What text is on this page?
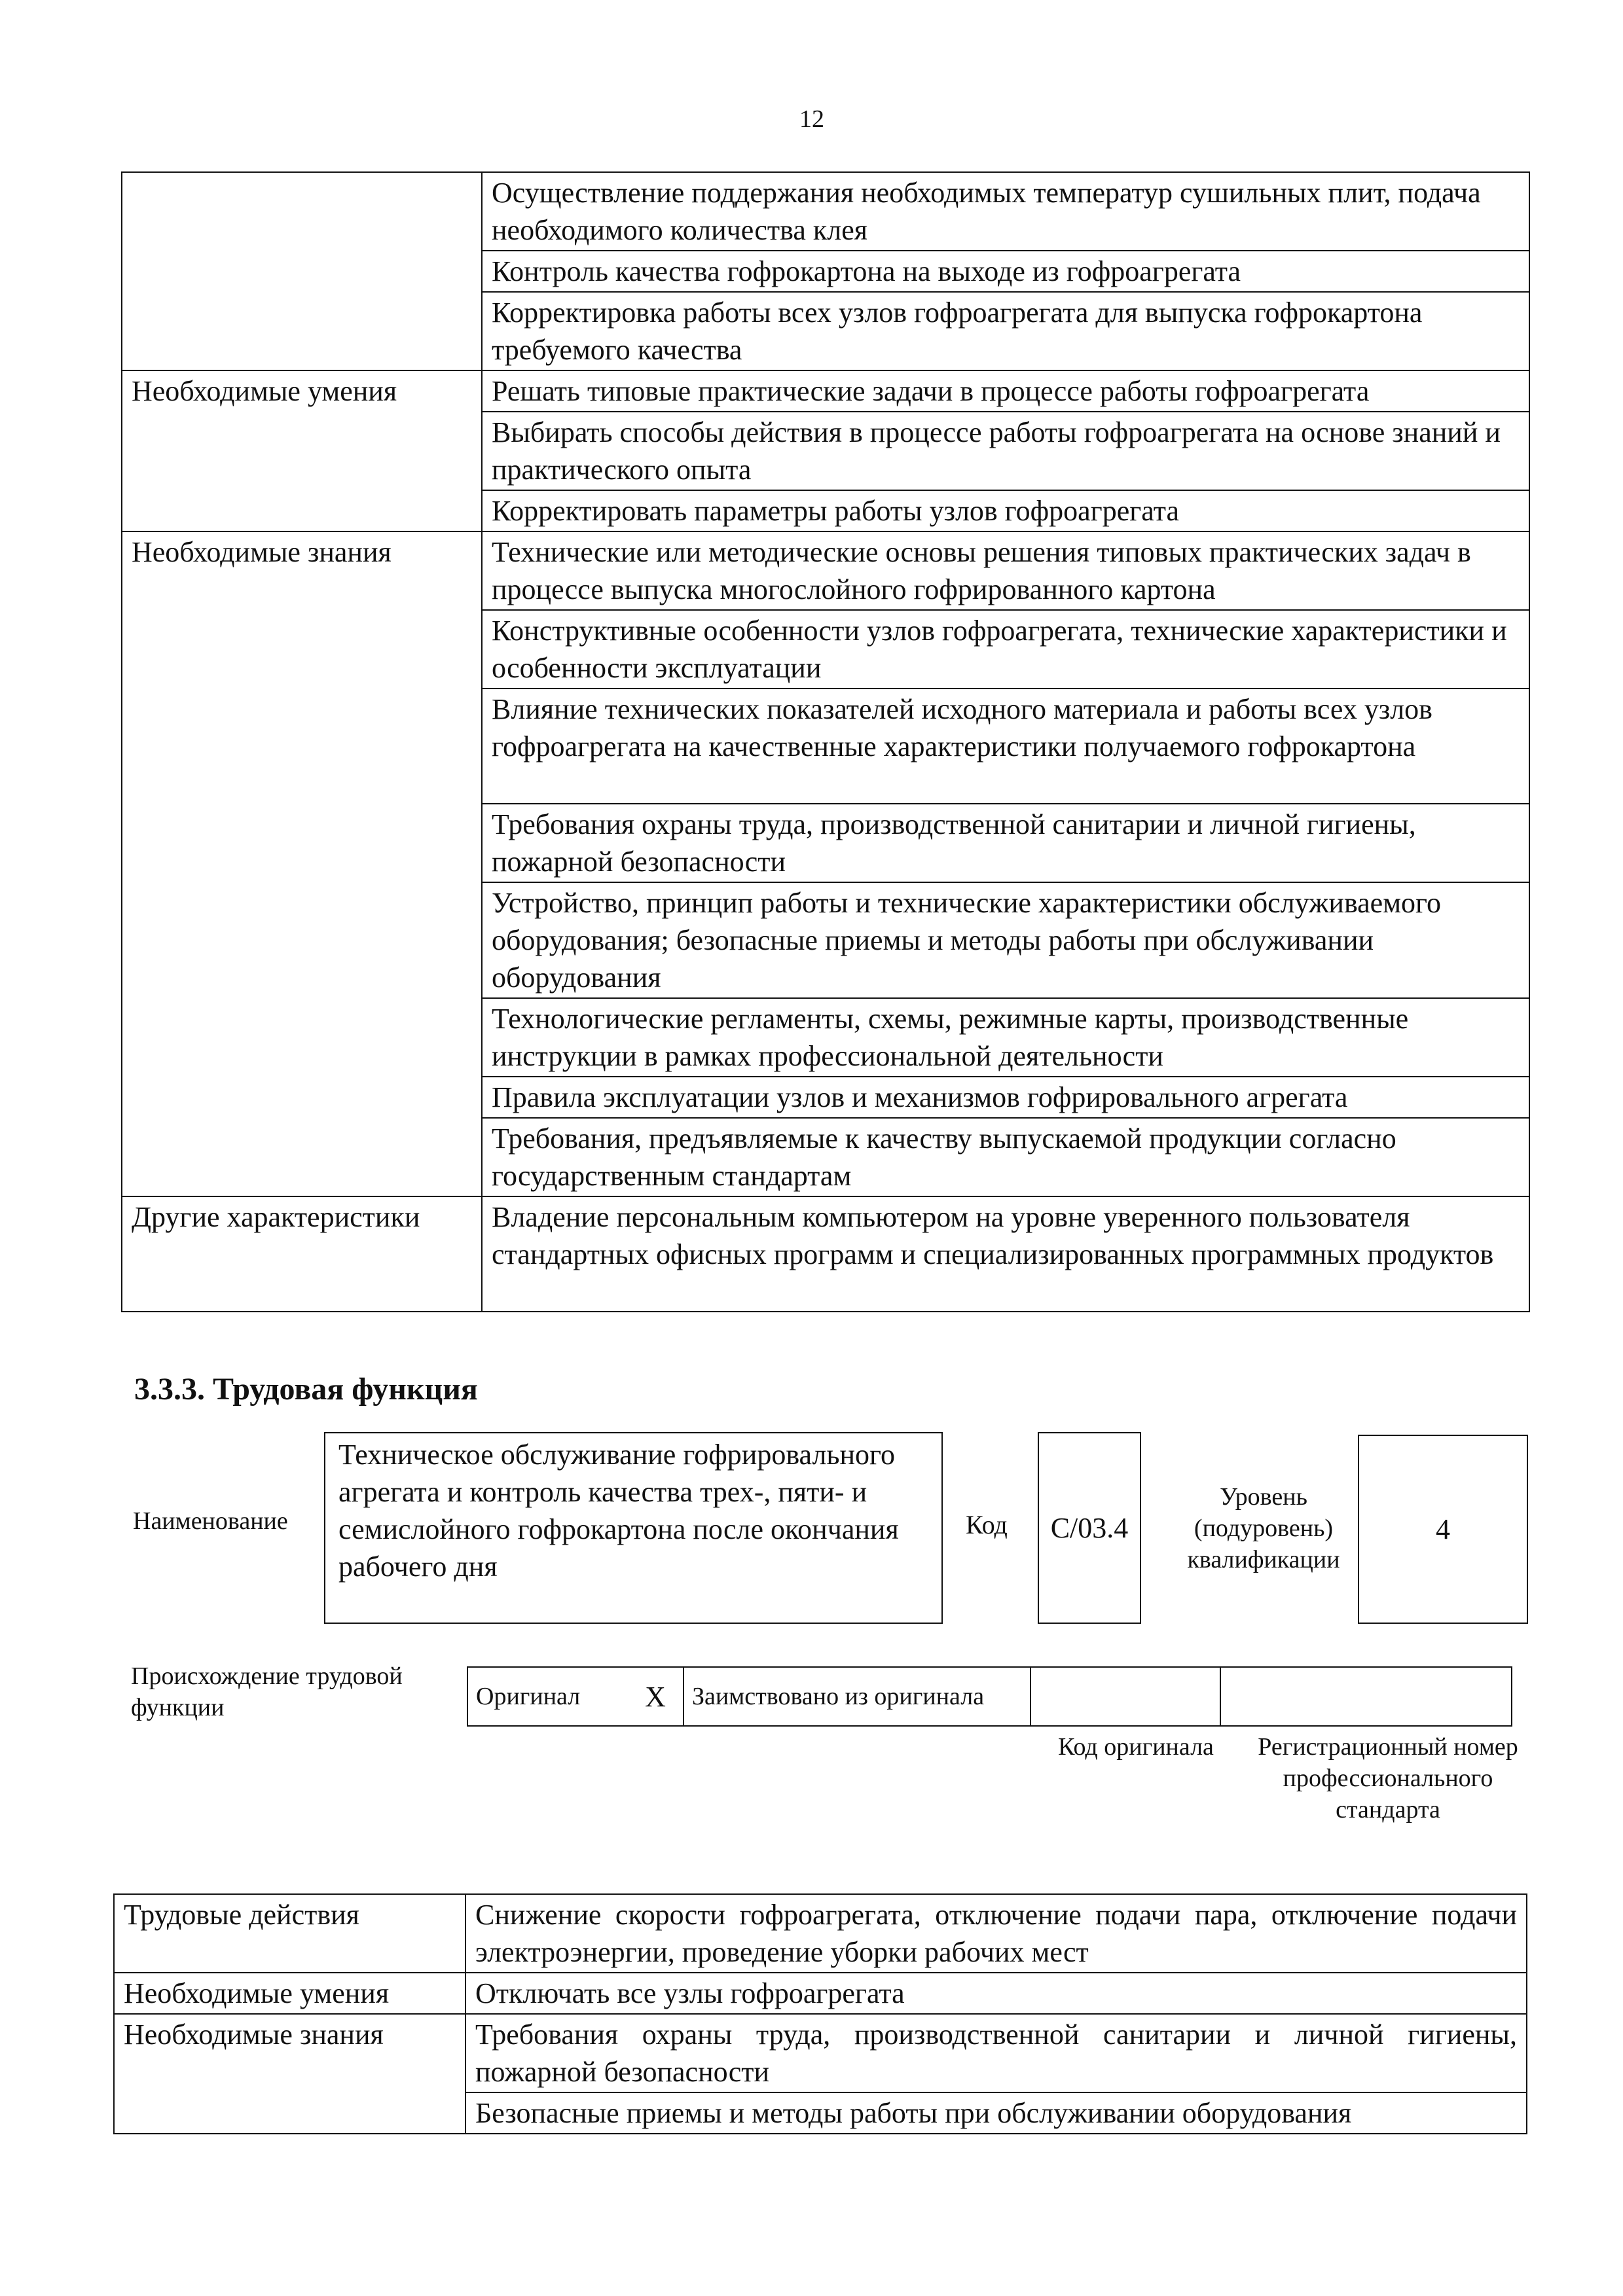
12
	Осуществление поддержания необходимых температур сушильных плит, подача необходимого количества клея
	Контроль качества гофрокартона на выходе из гофроагрегата
	Корректировка работы всех узлов гофроагрегата для выпуска гофрокартона требуемого качества
Необходимые умения	Решать типовые практические задачи в процессе работы гофроагрегата
	Выбирать способы действия в процессе работы гофроагрегата на основе знаний и практического опыта
	Корректировать параметры работы узлов гофроагрегата
Необходимые знания	Технические или методические основы решения типовых практических задач в процессе выпуска многослойного гофрированного картона
	Конструктивные особенности узлов гофроагрегата, технические характеристики и особенности эксплуатации
	Влияние технических показателей исходного материала и работы всех узлов гофроагрегата на качественные характеристики получаемого гофрокартона
	Требования охраны труда, производственной санитарии и личной гигиены, пожарной безопасности
	Устройство, принцип работы и технические характеристики обслуживаемого оборудования; безопасные приемы и методы работы при обслуживании оборудования
	Технологические регламенты, схемы, режимные карты, производственные инструкции в рамках профессиональной деятельности
	Правила эксплуатации узлов и механизмов гофрировального агрегата
	Требования, предъявляемые к качеству выпускаемой продукции согласно государственным стандартам
Другие характеристики	Владение персональным компьютером на уровне уверенного пользователя стандартных офисных программ и специализированных программных продуктов
3.3.3. Трудовая функция
Наименование
Техническое обслуживание гофрировального агрегата и контроль качества трех-, пяти- и семислойного гофрокартона после окончания рабочего дня
Код С/03.4
Уровень (подуровень) квалификации
4
Происхождение трудовой функции	Оригинал	X	Заимствовано из оригинала		
Код оригинала	Регистрационный номер профессионального стандарта
Трудовые действия	Снижение скорости гофроагрегата, отключение подачи пара, отключение подачи электроэнергии, проведение уборки рабочих мест
Необходимые умения	Отключать все узлы гофроагрегата
Необходимые знания	Требования охраны труда, производственной санитарии и личной гигиены, пожарной безопасности
	Безопасные приемы и методы работы при обслуживании оборудования
